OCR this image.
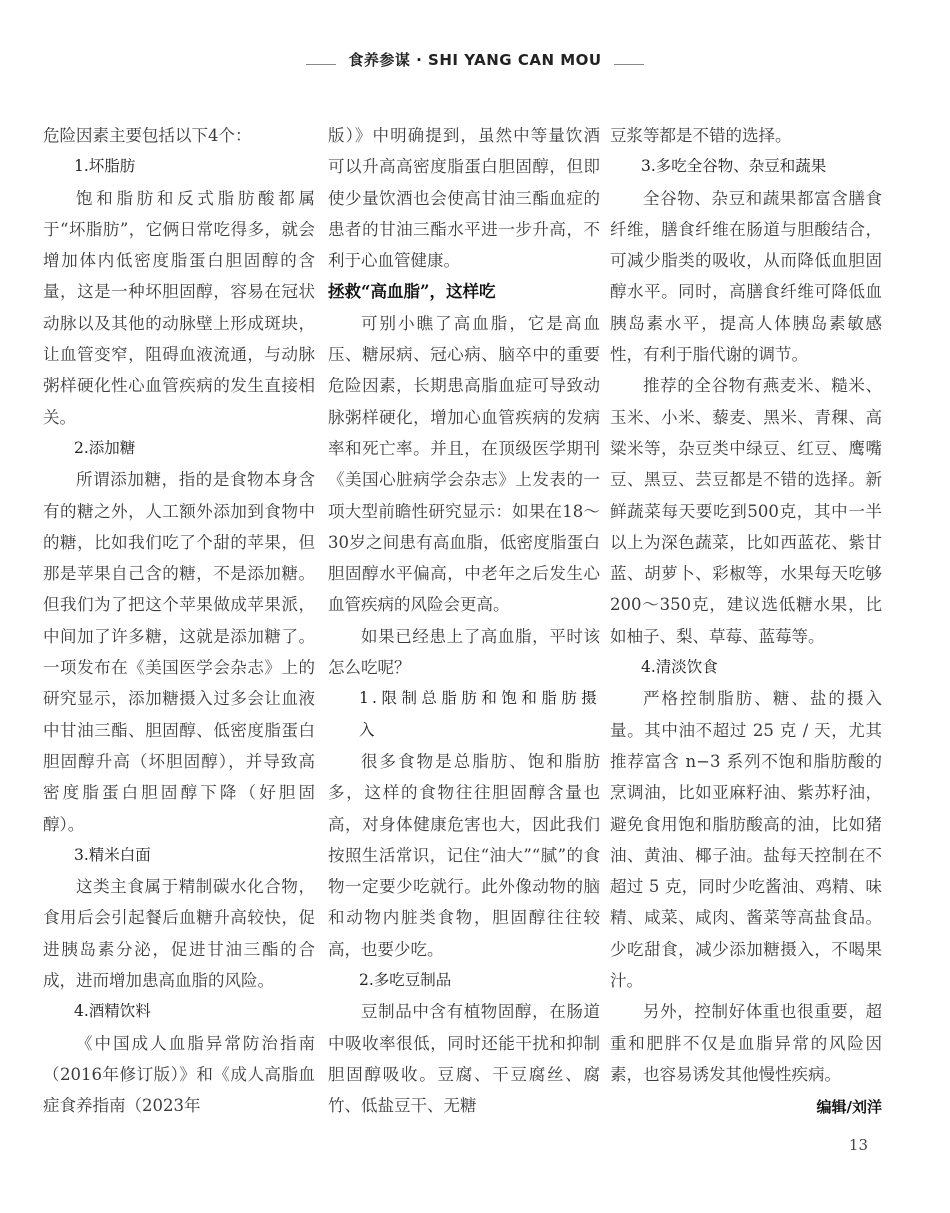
食养参谋 · SHI YANG CAN MOU

危险因素主要包括以下4个：

1.坏脂肪

饱和脂肪和反式脂肪酸都属于“坏脂肪”，它俩日常吃得多，就会增加体内低密度脂蛋白胆固醇的含量，这是一种坏胆固醇，容易在冠状动脉以及其他的动脉壁上形成斑块，让血管变窄，阻碍血液流通，与动脉粥样硬化性心血管疾病的发生直接相关。

2.添加糖

所谓添加糖，指的是食物本身含有的糖之外，人工额外添加到食物中的糖，比如我们吃了个甜的苹果，但那是苹果自己含的糖，不是添加糖。但我们为了把这个苹果做成苹果派，中间加了许多糖，这就是添加糖了。一项发布在《美国医学会杂志》上的研究显示，添加糖摄入过多会让血液中甘油三酯、胆固醇、低密度脂蛋白胆固醇升高（坏胆固醇），并导致高密度脂蛋白胆固醇下降（好胆固醇）。

3.精米白面

这类主食属于精制碳水化合物，食用后会引起餐后血糖升高较快，促进胰岛素分泌，促进甘油三酯的合成，进而增加患高血脂的风险。

4.酒精饮料

《中国成人血脂异常防治指南（2016年修订版）》和《成人高脂血症食养指南（2023年

版）》中明确提到，虽然中等量饮酒可以升高高密度脂蛋白胆固醇，但即使少量饮酒也会使高甘油三酯血症的患者的甘油三酯水平进一步升高，不利于心血管健康。

拯救“高血脂”，这样吃

可别小瞧了高血脂，它是高血压、糖尿病、冠心病、脑卒中的重要危险因素，长期患高脂血症可导致动脉粥样硬化，增加心血管疾病的发病率和死亡率。并且，在顶级医学期刊《美国心脏病学会杂志》上发表的一项大型前瞻性研究显示：如果在18～30岁之间患有高血脂，低密度脂蛋白胆固醇水平偏高，中老年之后发生心血管疾病的风险会更高。

如果已经患上了高血脂，平时该怎么吃呢？

1.限制总脂肪和饱和脂肪摄入

很多食物是总脂肪、饱和脂肪多，这样的食物往往胆固醇含量也高，对身体健康危害也大，因此我们按照生活常识，记住“油大”“腻”的食物一定要少吃就行。此外像动物的脑和动物内脏类食物，胆固醇往往较高，也要少吃。

2.多吃豆制品

豆制品中含有植物固醇，在肠道中吸收率很低，同时还能干扰和抑制胆固醇吸收。豆腐、干豆腐丝、腐竹、低盐豆干、无糖

豆浆等都是不错的选择。

3.多吃全谷物、杂豆和蔬果

全谷物、杂豆和蔬果都富含膳食纤维，膳食纤维在肠道与胆酸结合，可减少脂类的吸收，从而降低血胆固醇水平。同时，高膳食纤维可降低血胰岛素水平，提高人体胰岛素敏感性，有利于脂代谢的调节。

推荐的全谷物有燕麦米、糙米、玉米、小米、藜麦、黑米、青稞、高粱米等，杂豆类中绿豆、红豆、鹰嘴豆、黑豆、芸豆都是不错的选择。新鲜蔬菜每天要吃到500克，其中一半以上为深色蔬菜，比如西蓝花、紫甘蓝、胡萝卜、彩椒等，水果每天吃够200～350克，建议选低糖水果，比如柚子、梨、草莓、蓝莓等。

4.清淡饮食

严格控制脂肪、糖、盐的摄入量。其中油不超过 25 克 / 天，尤其推荐富含 n−3 系列不饱和脂肪酸的烹调油，比如亚麻籽油、紫苏籽油，避免食用饱和脂肪酸高的油，比如猪油、黄油、椰子油。盐每天控制在不超过 5 克，同时少吃酱油、鸡精、味精、咸菜、咸肉、酱菜等高盐食品。少吃甜食，减少添加糖摄入，不喝果汁。

另外，控制好体重也很重要，超重和肥胖不仅是血脂异常的风险因素，也容易诱发其他慢性疾病。

编辑/刘洋

13
